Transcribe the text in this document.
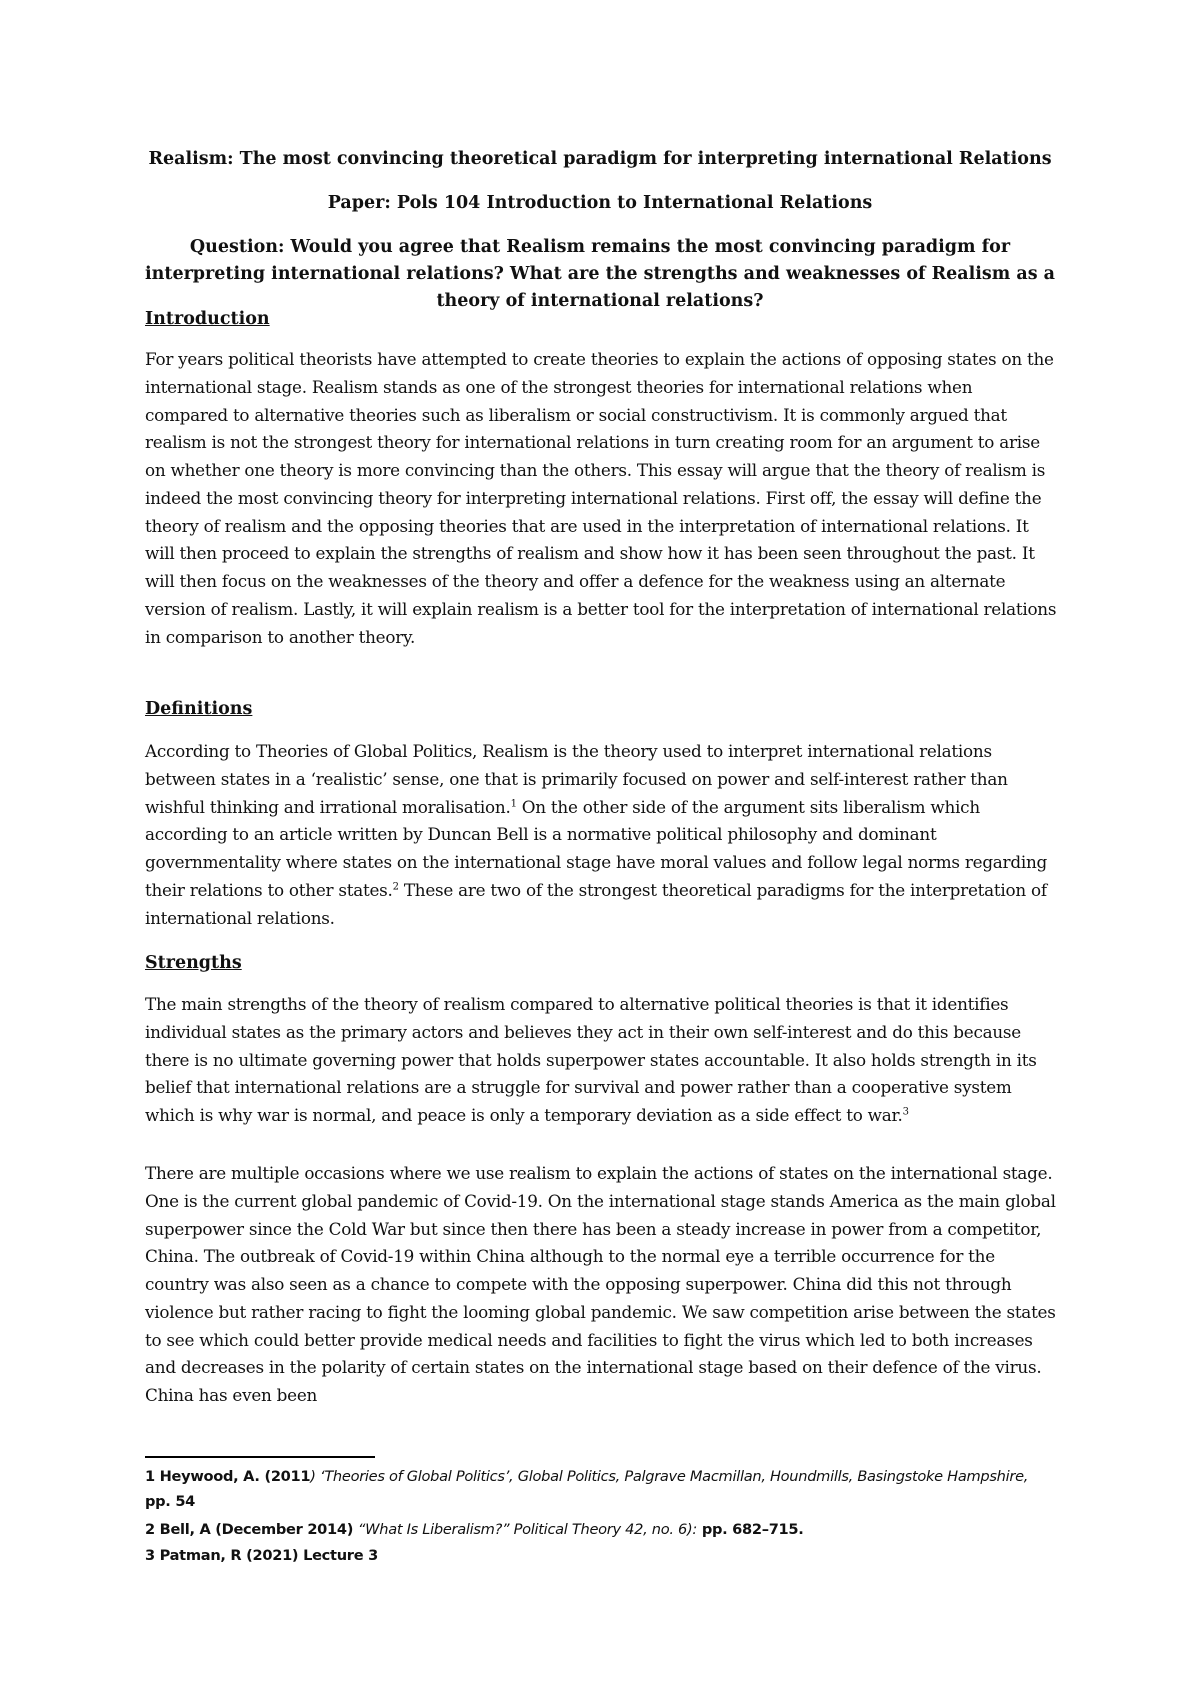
Realism: The most convincing theoretical paradigm for interpreting international Relations

Paper: Pols 104 Introduction to International Relations

Question: Would you agree that Realism remains the most convincing paradigm for interpreting international relations? What are the strengths and weaknesses of Realism as a theory of international relations?

Introduction

For years political theorists have attempted to create theories to explain the actions of opposing states on the international stage. Realism stands as one of the strongest theories for international relations when compared to alternative theories such as liberalism or social constructivism. It is commonly argued that realism is not the strongest theory for international relations in turn creating room for an argument to arise on whether one theory is more convincing than the others. This essay will argue that the theory of realism is indeed the most convincing theory for interpreting international relations. First off, the essay will define the theory of realism and the opposing theories that are used in the interpretation of international relations. It will then proceed to explain the strengths of realism and show how it has been seen throughout the past. It will then focus on the weaknesses of the theory and offer a defence for the weakness using an alternate version of realism. Lastly, it will explain realism is a better tool for the interpretation of international relations in comparison to another theory.

Definitions

According to Theories of Global Politics, Realism is the theory used to interpret international relations between states in a ‘realistic’ sense, one that is primarily focused on power and self-interest rather than wishful thinking and irrational moralisation.$^1$ On the other side of the argument sits liberalism which according to an article written by Duncan Bell is a normative political philosophy and dominant governmentality where states on the international stage have moral values and follow legal norms regarding their relations to other states.$^2$ These are two of the strongest theoretical paradigms for the interpretation of international relations.

Strengths

The main strengths of the theory of realism compared to alternative political theories is that it identifies individual states as the primary actors and believes they act in their own self-interest and do this because there is no ultimate governing power that holds superpower states accountable. It also holds strength in its belief that international relations are a struggle for survival and power rather than a cooperative system which is why war is normal, and peace is only a temporary deviation as a side effect to war.$^3$

There are multiple occasions where we use realism to explain the actions of states on the international stage. One is the current global pandemic of Covid-19. On the international stage stands America as the main global superpower since the Cold War but since then there has been a steady increase in power from a competitor, China. The outbreak of Covid-19 within China although to the normal eye a terrible occurrence for the country was also seen as a chance to compete with the opposing superpower. China did this not through violence but rather racing to fight the looming global pandemic. We saw competition arise between the states to see which could better provide medical needs and facilities to fight the virus which led to both increases and decreases in the polarity of certain states on the international stage based on their defence of the virus. China has even been

1 Heywood, A. (2011) ‘Theories of Global Politics’, Global Politics, Palgrave Macmillan, Houndmills, Basingstoke Hampshire, pp. 54

2 Bell, A (December 2014) “What Is Liberalism?” Political Theory 42, no. 6): pp. 682–715.

3 Patman, R (2021) Lecture 3
